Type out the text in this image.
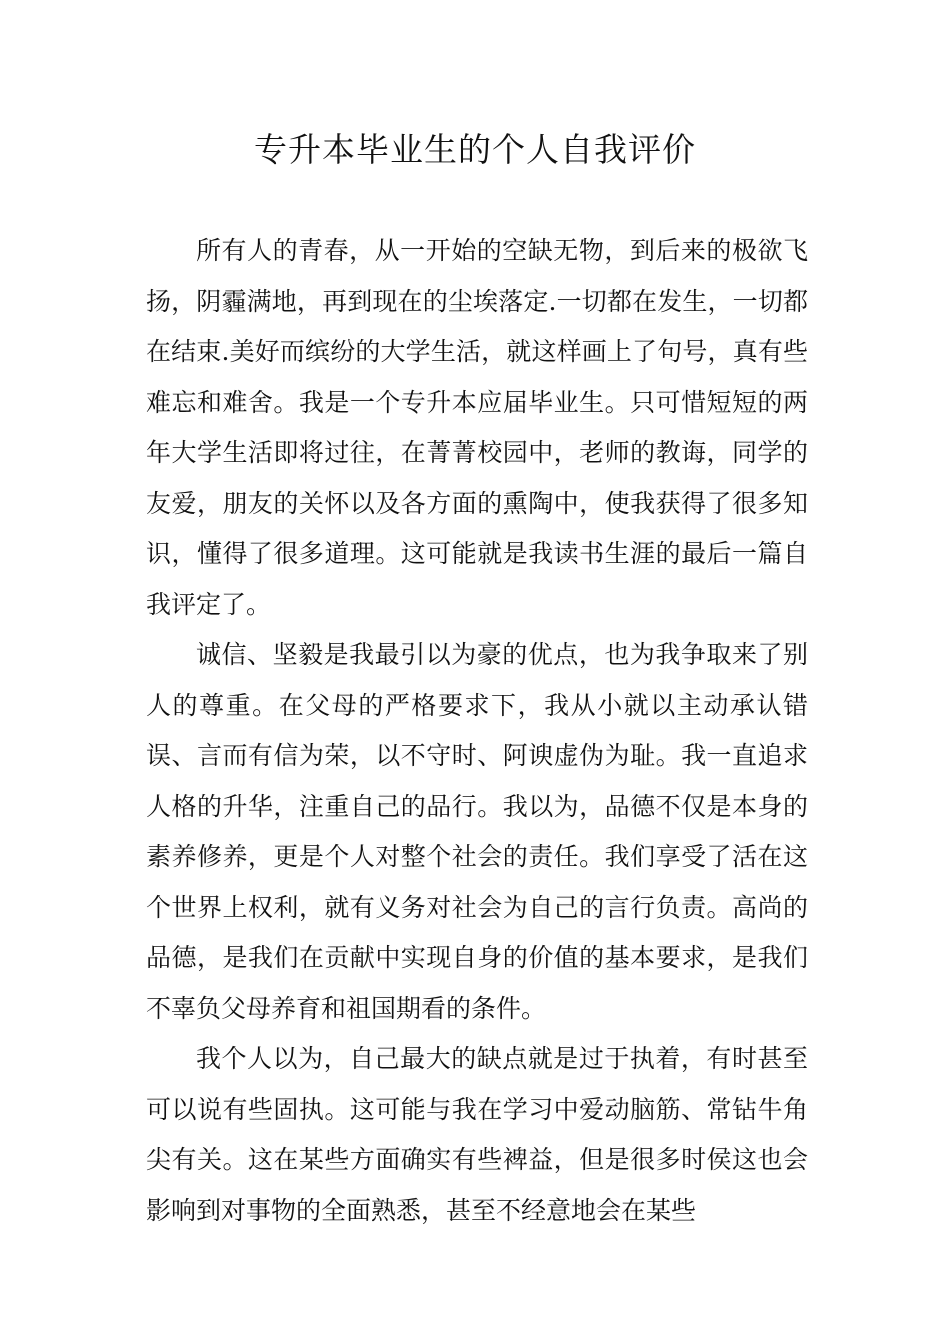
专升本毕业生的个人自我评价

所有人的青春，从一开始的空缺无物，到后来的极欲飞扬，阴霾满地，再到现在的尘埃落定.一切都在发生，一切都在结束.美好而缤纷的大学生活，就这样画上了句号，真有些难忘和难舍。我是一个专升本应届毕业生。只可惜短短的两年大学生活即将过往，在菁菁校园中，老师的教诲，同学的友爱，朋友的关怀以及各方面的熏陶中，使我获得了很多知识，懂得了很多道理。这可能就是我读书生涯的最后一篇自我评定了。

诚信、坚毅是我最引以为豪的优点，也为我争取来了别人的尊重。在父母的严格要求下，我从小就以主动承认错误、言而有信为荣，以不守时、阿谀虚伪为耻。我一直追求人格的升华，注重自己的品行。我以为，品德不仅是本身的素养修养，更是个人对整个社会的责任。我们享受了活在这个世界上权利，就有义务对社会为自己的言行负责。高尚的品德，是我们在贡献中实现自身的价值的基本要求，是我们不辜负父母养育和祖国期看的条件。

我个人以为，自己最大的缺点就是过于执着，有时甚至可以说有些固执。这可能与我在学习中爱动脑筋、常钻牛角尖有关。这在某些方面确实有些裨益，但是很多时侯这也会影响到对事物的全面熟悉，甚至不经意地会在某些
